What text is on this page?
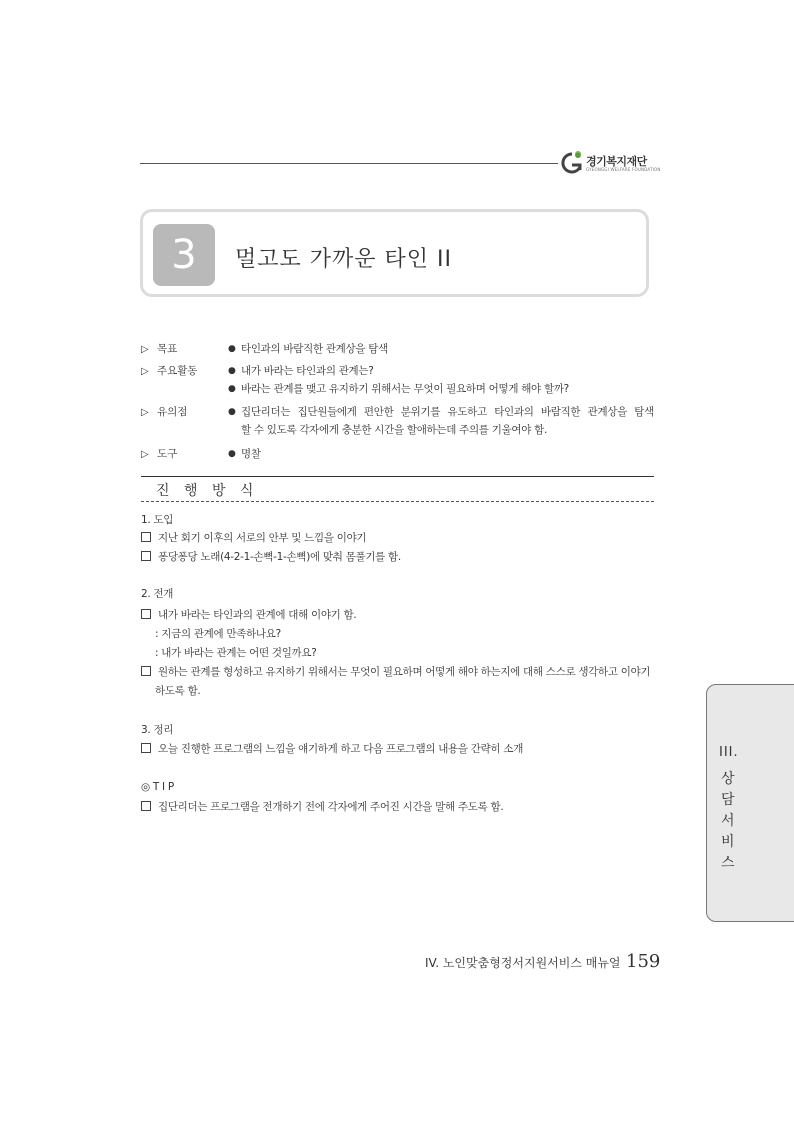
경기복지재단
GYEONGGI WELFARE FOUNDATION
3	멀고도 가까운 타인 II
▷ 목표	● 타인과의 바람직한 관계상을 탐색
▷ 주요활동	● 내가 바라는 타인과의 관계는?
● 바라는 관계를 맺고 유지하기 위해서는 무엇이 필요하며 어떻게 해야 할까?
▷ 유의점	● 집단리더는 집단원들에게 편안한 분위기를 유도하고 타인과의 바람직한 관계상을 탐색
할 수 있도록 각자에게 충분한 시간을 할애하는데 주의를 기울여야 함.
▷ 도구	● 명찰
진 행 방 식
1. 도입
지난 회기 이후의 서로의 안부 및 느낌을 이야기
퐁당퐁당 노래(4-2-1-손뼉-1-손뼉)에 맞춰 몸풀기를 함.
2. 전개
내가 바라는 타인과의 관계에 대해 이야기 함.
: 지금의 관계에 만족하나요?
: 내가 바라는 관계는 어떤 것일까요?
원하는 관계를 형성하고 유지하기 위해서는 무엇이 필요하며 어떻게 해야 하는지에 대해 스스로 생각하고 이야기
하도록 함.
3. 정리
오늘 진행한 프로그램의 느낌을 얘기하게 하고 다음 프로그램의 내용을 간략히 소개
◎ T I P
집단리더는 프로그램을 전개하기 전에 각자에게 주어진 시간을 말해 주도록 함.
III.
상
담
서
비
스
IV. 노인맞춤형정서지원서비스 매뉴얼 159
